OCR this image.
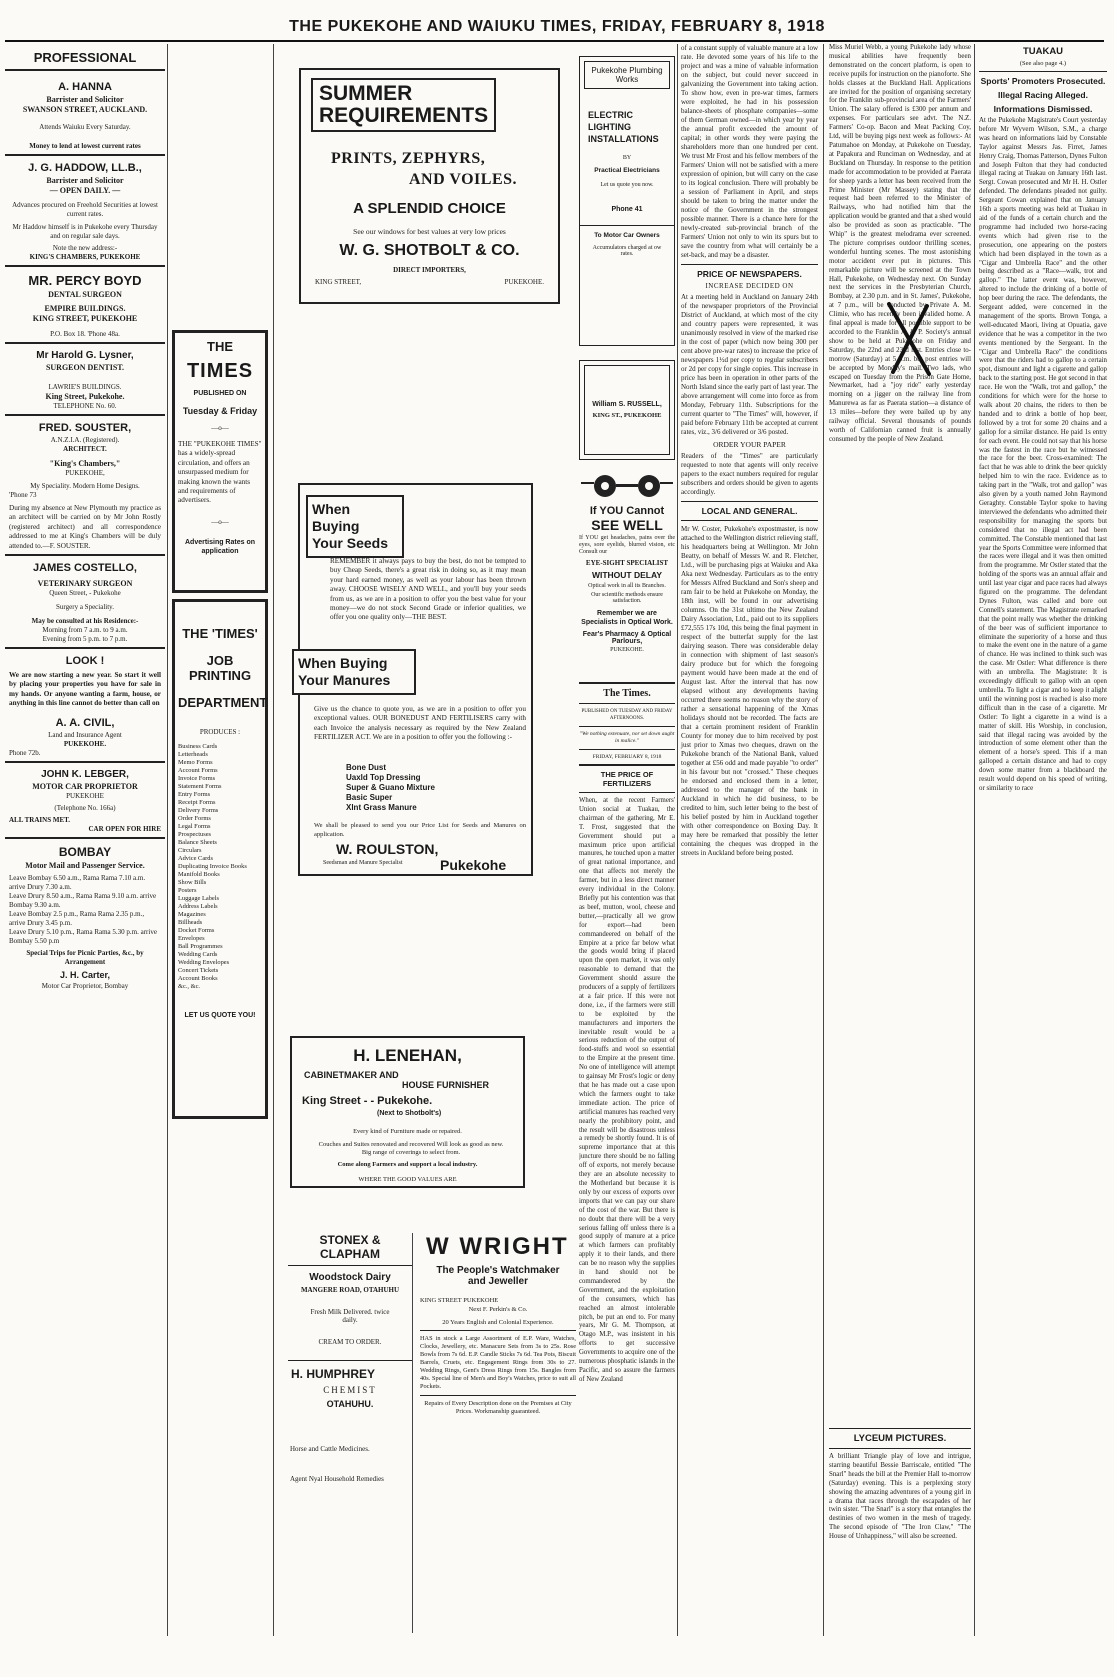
THE PUKEKOHE AND WAIUKU TIMES, FRIDAY, FEBRUARY 8, 1918
PROFESSIONAL
A. HANNA
Barrister and Solicitor
SWANSON STREET, AUCKLAND.
Attends Waiuku Every Saturday.
Money to lend at lowest current rates
J. G. HADDOW, LL.B.,
Barrister and Solicitor
— OPEN DAILY. —
Advances procured on Freehold Securities at lowest current rates.
Mr Haddow himself is in Pukekohe every Thursday and on regular sale days.
Note the new address:-
KING'S CHAMBERS, PUKEKOHE
MR. PERCY BOYD
DENTAL SURGEON
EMPIRE BUILDINGS.
KING STREET, PUKEKOHE
P.O. Box 18. 'Phone 48a.
Mr Harold G. Lysner,
SURGEON DENTIST.
LAWRIE'S BUILDINGS.
King Street, Pukekohe.
TELEPHONE No. 60.
FRED. SOUSTER,
A.N.Z.I.A. (Registered).
ARCHITECT.
"King's Chambers,"
PUKEKOHE,
My Speciality. Modern Home Designs.
'Phone 73
During my absence at New Plymouth my practice as an architect will be carried on by Mr John Rostly (registered architect) and all correspondence addressed to me at King's Chambers will be duly attended to.—F. SOUSTER.
JAMES COSTELLO,
VETERINARY SURGEON
Queen Street, - Pukekohe
Surgery a Speciality.
May be consulted at his Residence:-
Morning from 7 a.m. to 9 a.m.
Evening from 5 p.m. to 7 p.m.
LOOK !
We are now starting a new year. So start it well by placing your properties you have for sale in my hands. Or anyone wanting a farm, house, or anything in this line cannot do better than call on
A. A. CIVIL,
Land and Insurance Agent
PUKEKOHE.
Phone 72b.
JOHN K. LEBGER,
MOTOR CAR PROPRIETOR
PUKEKOHE
(Telephone No. 166a)
ALL TRAINS MET.
CAR OPEN FOR HIRE
BOMBAY
Motor Mail and Passenger Service.
Leave Bombay 6.50 a.m., Rama Rama 7.10 a.m. arrive Drury 7.30 a.m.
Leave Drury 8.50 a.m., Rama Rama 9.10 a.m. arrive Bombay 9.30 a.m.
Leave Bombay 2.5 p.m., Rama Rama 2.35 p.m., arrive Drury 3.45 p.m.
Leave Drury 5.10 p.m., Rama Rama 5.30 p.m. arrive Bombay 5.50 p.m
Special Trips for Picnic Parties, &c., by Arrangement
J. H. Carter,
Motor Car Proprietor, Bombay
THE
TIMES
PUBLISHED ON
Tuesday & Friday
—o—
THE "PUKEKOHE TIMES" has a widely-spread circulation, and offers an unsurpassed medium for making known the wants and requirements of advertisers.
—o—
Advertising Rates on application
THE 'TIMES'
JOB PRINTING
DEPARTMENT
PRODUCES :
Business Cards
Letterheads
Memo Forms
Account Forms
Invoice Forms
Statement Forms
Entry Forms
Receipt Forms
Delivery Forms
Order Forms
Legal Forms
Prospectuses
Balance Sheets
Circulars
Advice Cards
Duplicating Invoice Books
Manifold Books
Show Bills
Posters
Luggage Labels
Address Labels
Magazines
Billheads
Docket Forms
Envelopes
Ball Programmes
Wedding Cards
Wedding Envelopes
Concert Tickets
Account Books
&c., &c.
LET US QUOTE YOU!
SUMMER
REQUIREMENTS
PRINTS, ZEPHYRS,
AND VOILES.
A SPLENDID CHOICE
See our windows for best values at very low prices
W. G. SHOTBOLT & CO.
DIRECT IMPORTERS,
KING STREET,	PUKEKOHE.
When Buying
Your Seeds
REMEMBER it always pays to buy the best, do not be tempted to buy Cheap Seeds, there's a great risk in doing so, as it may mean your hard earned money, as well as your labour has been thrown away. CHOOSE WISELY AND WELL, and you'll buy your seeds from us, as we are in a position to offer you the best value for your money—we do not stock Second Grade or inferior qualities, we offer you one quality only—THE BEST.
When Buying
Your Manures
Give us the chance to quote you, as we are in a position to offer you exceptional values. OUR BONEDUST AND FERTILISERS carry with each Invoice the analysis necessary as required by the New Zealand FERTILIZER ACT. We are in a position to offer you the following :-
Bone Dust
Uaxld Top Dressing
Super & Guano Mixture
Basic Super
Xlnt Grass Manure
We shall be pleased to send you our Price List for Seeds and Manures on application.
W. ROULSTON,
Seedsman and Manure Specialist	Pukekohe
H. LENEHAN,
CABINETMAKER AND
HOUSE FURNISHER
King Street - - Pukekohe.
(Next to Shotbolt's)
Every kind of Furniture made or repaired.
Couches and Suites renovated and recovered Will look as good as new. Big range of coverings to select from.
Come along Farmers and support a local industry.
WHERE THE GOOD VALUES ARE
STONEX & CLAPHAM
Woodstock Dairy
MANGERE ROAD, OTAHUHU
Fresh Milk Delivered. twice daily.
CREAM TO ORDER.
H. HUMPHREY
CHEMIST
OTAHUHU.
Horse and Cattle Medicines.
Agent Nyal Household Remedies
W WRIGHT
The People's Watchmaker and Jeweller
KING STREET PUKEKOHE
Next F. Perkin's & Co.
20 Years English and Colonial Experience.
HAS in stock a Large Assortment of E.P. Ware, Watches, Clocks, Jewellery, etc. Manacure Sets from 3s to 25s. Rose Bowls from 7s 6d. E.P. Candle Sticks 7s 6d. Tea Pots, Biscuit Barrels, Cruets, etc. Engagement Rings from 30s to 27. Wedding Rings, Gent's Dress Rings from 15s. Bangles from 40s. Special line of Men's and Boy's Watches, price to suit all Pockets.
Repairs of Every Description done on the Premises at City Prices. Workmanship guaranteed.
Pukekohe Plumbing Works
ELECTRIC LIGHTING INSTALLATIONS
BY
Practical Electricians
Let us quote you now.
Phone 41
To Motor Car Owners
Accumulators charged at ow rates.
William S. RUSSELL,
KING ST., PUKEKOHE
If YOU Cannot
SEE WELL
If YOU get headaches, pains over the eyes, sore eyelids, blurred vision, etc Consult our
EYE-SIGHT SPECIALIST
WITHOUT DELAY
Optical work in all its Branches.
Our scientific methods ensure satisfaction.
Remember we are Specialists in Optical Work.
Fear's Pharmacy & Optical Parlours,
PUKEKOHE.
The Times.
PUBLISHED ON TUESDAY AND FRIDAY AFTERNOONS.
"We nothing extenuate, nor set down aught in malice."
FRIDAY, FEBRUARY 8, 1918
THE PRICE OF FERTILIZERS
When, at the recent Farmers' Union social at Tuakau, the chairman of the gathering, Mr E. T. Frost, suggested that the Government should put a maximum price upon artificial manures, he touched upon a matter of great national importance, and one that affects not merely the farmer, but in a less direct manner every individual in the Colony. Briefly put his contention was that as beef, mutton, wool, cheese and butter,—practically all we grow for export—had been commandeered on behalf of the Empire at a price far below what the goods would bring if placed upon the open market, it was only reasonable to demand that the Government should assure the producers of a supply of fertilizers at a fair price. If this were not done, i.e., if the farmers were still to be exploited by the manufacturers and importers the inevitable result would be a serious reduction of the output of food-stuffs and wool so essential to the Empire at the present time. No one of intelligence will attempt to gainsay Mr Frost's logic or deny that he has made out a case upon which the farmers ought to take immediate action. The price of artificial manures has reached very nearly the prohibitory point, and the result will be disastrous unless a remedy be shortly found. It is of supreme importance that at this juncture there should be no falling off of exports, not merely because they are an absolute necessity to the Motherland but because it is only by our excess of exports over imports that we can pay our share of the cost of the war. But there is no doubt that there will be a very serious falling off unless there is a good supply of manure at a price at which farmers can profitably apply it to their lands, and there can be no reason why the supplies in hand should not be commandeered by the Government, and the exploitation of the consumers, which has reached an almost intolerable pitch, be put an end to. For many years, Mr G. M. Thompson, at Otago M.P., was insistent in his efforts to get successive Governments to acquire one of the numerous phosphatic islands in the Pacific, and so assure the farmers of New Zealand
of a constant supply of valuable manure at a low rate. He devoted some years of his life to the project and was a mine of valuable information on the subject, but could never succeed in galvanizing the Government into taking action. To show how, even in pre-war times, farmers were exploited, he had in his possession balance-sheets of phosphate companies—some of them German owned—in which year by year the annual profit exceeded the amount of capital; in other words they were paying the shareholders more than one hundred per cent. We trust Mr Frost and his fellow members of the Farmers' Union will not be satisfied with a mere expression of opinion, but will carry on the case to its logical conclusion. There will probably be a session of Parliament in April, and steps should be taken to bring the matter under the notice of the Government in the strongest possible manner. There is a chance here for the newly-created sub-provincial branch of the Farmers' Union not only to win its spurs but to save the country from what will certainly be a set-back, and may be a disaster.
PRICE OF NEWSPAPERS.
INCREASE DECIDED ON
At a meeting held in Auckland on January 24th of the newspaper proprietors of the Provincial District of Auckland, at which most of the city and country papers were represented, it was unanimously resolved in view of the marked rise in the cost of paper (which now being 300 per cent above pre-war rates) to increase the price of newspapers 1½d per copy to regular subscribers or 2d per copy for single copies. This increase in price has been in operation in other parts of the North Island since the early part of last year. The above arrangement will come into force as from Monday, February 11th. Subscriptions for the current quarter to "The Times" will, however, if paid before February 11th be accepted at current rates, viz., 3/6 delivered or 3/6 posted.
ORDER YOUR PAPER
Readers of the "Times" are particularly requested to note that agents will only receive papers to the exact numbers required for regular subscribers and orders should be given to agents accordingly.
LOCAL AND GENERAL.
Mr W. Coster, Pukekohe's expostmaster, is now attached to the Wellington district relieving staff, his headquarters being at Wellington. Mr John Beatty, on behalf of Messrs W. and R. Fletcher, Ltd., will be purchasing pigs at Waiuku and Aka Aka next Wednesday. Particulars as to the entry for Messrs Alfred Buckland and Son's sheep and ram fair to be held at Pukekohe on Monday, the 18th inst, will be found in our advertising columns. On the 31st ultimo the New Zealand Dairy Association, Ltd., paid out to its suppliers £72,555 17s 10d, this being the final payment in respect of the butterfat supply for the last dairying season. There was considerable delay in connection with shipment of last season's dairy produce but for which the foregoing payment would have been made at the end of August last. After the interval that has now elapsed without any developments having occurred there seems no reason why the story of rather a sensational happening of the Xmas holidays should not be recorded. The facts are that a certain prominent resident of Franklin County for money due to him received by post just prior to Xmas two cheques, drawn on the Pukekohe branch of the National Bank, valued together at £56 odd and made payable "to order" in his favour but not "crossed." These cheques he endorsed and enclosed them in a letter, addressed to the manager of the bank in Auckland in which he did business, to be credited to him, such letter being to the best of his belief posted by him in Auckland together with other correspondence on Boxing Day. It may here be remarked that possibly the letter containing the cheques was dropped in the streets in Auckland before being posted.
Miss Muriel Webb, a young Pukekohe lady whose musical abilities have frequently been demonstrated on the concert platform, is open to receive pupils for instruction on the pianoforte. She holds classes at the Buckland Hall. Applications are invited for the position of organising secretary for the Franklin sub-provincial area of the Farmers' Union. The salary offered is £300 per annum and expenses. For particulars see advt. The N.Z. Farmers' Co-op. Bacon and Meat Packing Coy, Ltd, will be buying pigs next week as follows:- At Patumahoe on Monday, at Pukekohe on Tuesday, at Papakura and Runciman on Wednesday, and at Buckland on Thursday. In response to the petition made for accommodation to be provided at Paerata for sheep yards a letter has been received from the Prime Minister (Mr Massey) stating that the request had been referred to the Minister of Railways, who had notified him that the application would be granted and that a shed would also be provided as soon as practicable. "The Whip" is the greatest melodrama ever screened. The picture comprises outdoor thrilling scenes, wonderful hunting scenes. The most astonishing motor accident ever put in pictures. This remarkable picture will be screened at the Town Hall, Pukekohe, on Wednesday next. On Sunday next the services in the Presbyterian Church, Bombay, at 2.30 p.m. and in St. James', Pukekohe, at 7 p.m., will be conducted by Private A. M. Climie, who has recently been invalided home. A final appeal is made for all possible support to be accorded to the Franklin A. & P. Society's annual show to be held at Pukekohe on Friday and Saturday, the 22nd and 23rd inst. Entries close to-morrow (Saturday) at 5 p.m. but post entries will be accepted by Monday's mail. Two lads, who escaped on Tuesday from the Prison Gate Home, Newmarket, had a "joy ride" early yesterday morning on a jigger on the railway line from Manurewa as far as Paerata station—a distance of 13 miles—before they were bailed up by any railway official. Several thousands of pounds worth of Californian canned fruit is annually consumed by the people of New Zealand.
LYCEUM PICTURES.
A brilliant Triangle play of love and intrigue, starring beautiful Bessie Barriscale, entitled "The Snarl" heads the bill at the Premier Hall to-morrow (Saturday) evening. This is a perplexing story showing the amazing adventures of a young girl in a drama that races through the escapades of her twin sister. "The Snarl" is a story that entangles the destinies of two women in the mesh of tragedy. The second episode of "The Iron Claw," "The House of Unhappiness," will also be screened.
TUAKAU
(See also page 4.)
Sports' Promoters Prosecuted.
Illegal Racing Alleged.
Informations Dismissed.
At the Pukekohe Magistrate's Court yesterday before Mr Wyvern Wilson, S.M., a charge was heard on informations laid by Constable Taylor against Messrs Jas. Firret, James Henry Craig, Thomas Patterson, Dynes Fulton and Joseph Fulton that they had conducted illegal racing at Tuakau on January 16th last. Sergt. Cowan prosecuted and Mr H. H. Ostler defended. The defendants pleaded not guilty. Sergeant Cowan explained that on January 16th a sports meeting was held at Tuakau in aid of the funds of a certain church and the programme had included two horse-racing events which had given rise to the prosecution, one appearing on the posters which had been displayed in the town as a "Cigar and Umbrella Race" and the other being described as a "Race—walk, trot and gallop." The latter event was, however, altered to include the drinking of a bottle of hop beer during the race. The defendants, the Sergeant added, were concerned in the management of the sports. Brown Tonga, a well-educated Maori, living at Opuatia, gave evidence that he was a competitor in the two events mentioned by the Sergeant. In the "Cigar and Umbrella Race" the conditions were that the riders had to gallop to a certain spot, dismount and light a cigarette and gallop back to the starting post. He got second in that race. He won the "Walk, trot and gallop," the conditions for which were for the horse to walk about 20 chains, the riders to then be handed and to drink a bottle of hop beer, followed by a trot for some 20 chains and a gallop for a similar distance. He paid 1s entry for each event. He could not say that his horse was the fastest in the race but he witnessed the race for the beer. Cross-examined: The fact that he was able to drink the beer quickly helped him to win the race. Evidence as to taking part in the "Walk, trot and gallop" was also given by a youth named John Raymond Geraghty. Constable Taylor spoke to having interviewed the defendants who admitted their responsibility for managing the sports but considered that no illegal act had been committed. The Constable mentioned that last year the Sports Committee were informed that the races were illegal and it was then omitted from the programme. Mr Ostler stated that the holding of the sports was an annual affair and until last year cigar and pace races had always figured on the programme. The defendant Dynes Fulton, was called and bore out Connell's statement. The Magistrate remarked that the point really was whether the drinking of the beer was of sufficient importance to eliminate the superiority of a horse and thus to make the event one in the nature of a game of chance. He was inclined to think such was the case. Mr Ostler: What difference is there with an umbrella. The Magistrate: It is exceedingly difficult to gallop with an open umbrella. To light a cigar and to keep it alight until the winning post is reached is also more difficult than in the case of a cigarette. Mr Ostler: To light a cigarette in a wind is a matter of skill. His Worship, in conclusion, said that illegal racing was avoided by the introduction of some element other than the element of a horse's speed. This if a man galloped a certain distance and had to copy down some matter from a blackboard the result would depend on his speed of writing, or similarity to race
